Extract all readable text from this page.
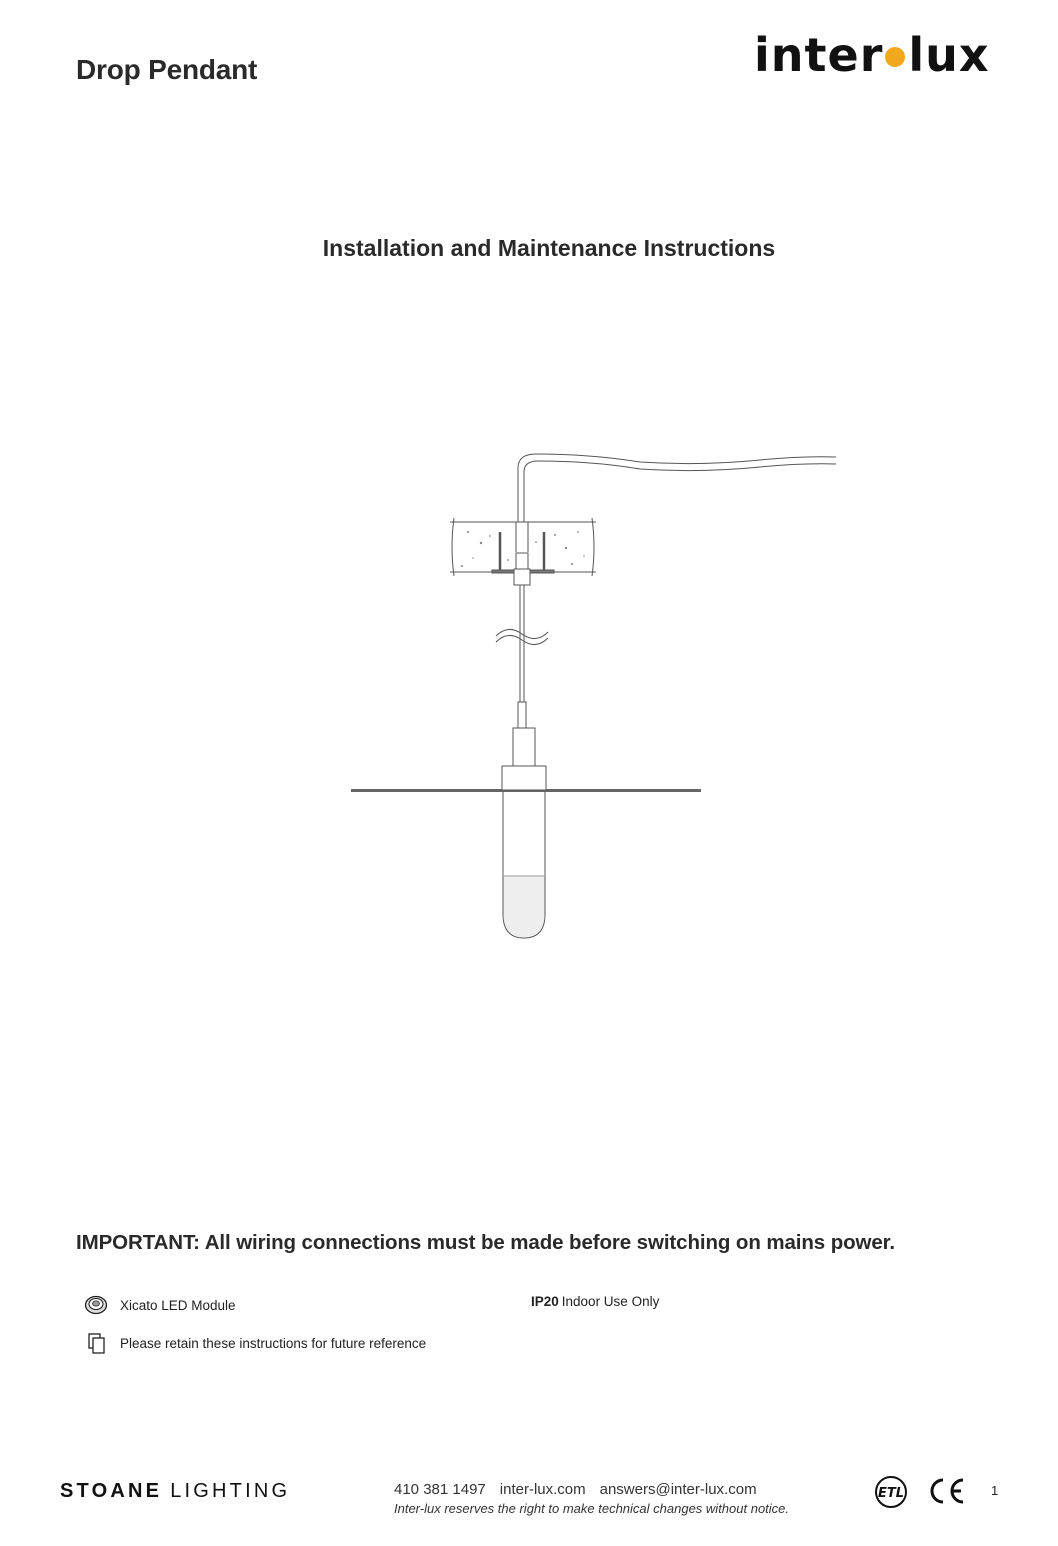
Drop Pendant	inter lux
Installation and Maintenance Instructions
IMPORTANT: All wiring connections must be made before switching on mains power.
Xicato LED Module	IP20 Indoor Use Only
Please retain these instructions for future reference
STOANE LIGHTING	410 381 1497 inter-lux.com answers@inter-lux.com
Inter-lux reserves the right to make technical changes without notice.
ETL
CE
1
